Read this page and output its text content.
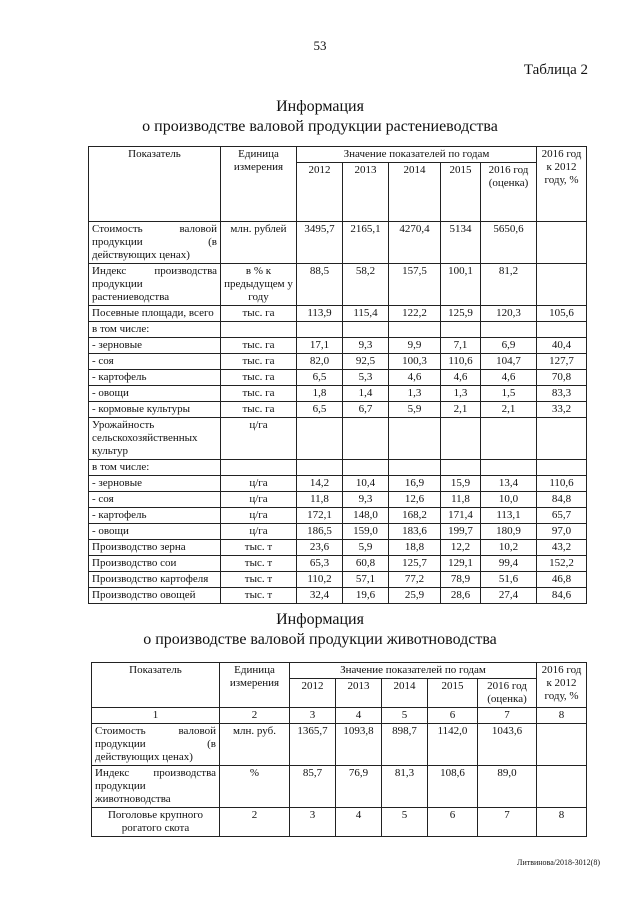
53
Таблица 2
Информация
о производстве валовой продукции растениеводства
Показатель	Единица измерения	Значение показателей по годам					2016 год к 2012 году, %
		2012	2013	2014	2015	2016 год (оценка)	
Стоимость валовой продукции (в действующих ценах)	млн. рублей	3495,7	2165,1	4270,4	5134	5650,6	
Индекс производства продукции растениеводства	в % к предыдущем у году	88,5	58,2	157,5	100,1	81,2	
Посевные площади, всего	тыс. га	113,9	115,4	122,2	125,9	120,3	105,6
в том числе:							
- зерновые	тыс. га	17,1	9,3	9,9	7,1	6,9	40,4
- соя	тыс. га	82,0	92,5	100,3	110,6	104,7	127,7
- картофель	тыс. га	6,5	5,3	4,6	4,6	4,6	70,8
- овощи	тыс. га	1,8	1,4	1,3	1,3	1,5	83,3
- кормовые культуры	тыс. га	6,5	6,7	5,9	2,1	2,1	33,2
Урожайность сельскохозяйственных культур	ц/га						
в том числе:							
- зерновые	ц/га	14,2	10,4	16,9	15,9	13,4	110,6
- соя	ц/га	11,8	9,3	12,6	11,8	10,0	84,8
- картофель	ц/га	172,1	148,0	168,2	171,4	113,1	65,7
- овощи	ц/га	186,5	159,0	183,6	199,7	180,9	97,0
Производство зерна	тыс. т	23,6	5,9	18,8	12,2	10,2	43,2
Производство сои	тыс. т	65,3	60,8	125,7	129,1	99,4	152,2
Производство картофеля	тыс. т	110,2	57,1	77,2	78,9	51,6	46,8
Производство овощей	тыс. т	32,4	19,6	25,9	28,6	27,4	84,6
Информация
о производстве валовой продукции животноводства
Показатель	Единица измерения	Значение показателей по годам					2016 год к 2012 году, %
		2012	2013	2014	2015	2016 год (оценка)	
1	2	3	4	5	6	7	8
Стоимость валовой продукции (в действующих ценах)	млн. руб.	1365,7	1093,8	898,7	1142,0	1043,6	
Индекс производства продукции животноводства	%	85,7	76,9	81,3	108,6	89,0	
Поголовье крупного рогатого скота	2	3	4	5	6	7	8
Литвинова/2018-3012(8)
